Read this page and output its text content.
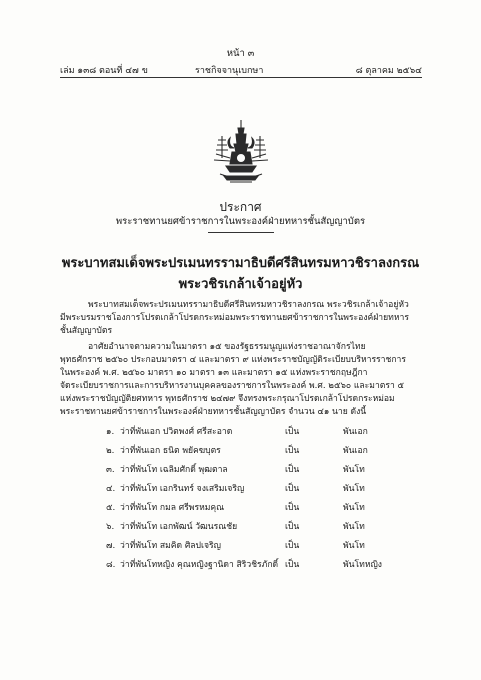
หน้า ๓
เล่ม ๑๓๘ ตอนที่ ๔๗ ข	ราชกิจจานุเบกษา	๘ ตุลาคม ๒๕๖๔
ประกาศ
พระราชทานยศข้าราชการในพระองค์ฝ่ายทหารชั้นสัญญาบัตร
พระบาทสมเด็จพระปรเมนทรรามาธิบดีศรีสินทรมหาวชิราลงกรณ
พระวชิรเกล้าเจ้าอยู่หัว
พระบาทสมเด็จพระปรเมนทรรามาธิบดีศรีสินทรมหาวชิราลงกรณ พระวชิรเกล้าเจ้าอยู่หัว
มีพระบรมราชโองการโปรดเกล้าโปรดกระหม่อมพระราชทานยศข้าราชการในพระองค์ฝ่ายทหาร
ชั้นสัญญาบัตร
อาศัยอำนาจตามความในมาตรา ๑๕ ของรัฐธรรมนูญแห่งราชอาณาจักรไทย
พุทธศักราช ๒๕๖๐ ประกอบมาตรา ๔ และมาตรา ๙ แห่งพระราชบัญญัติระเบียบบริหารราชการ
ในพระองค์ พ.ศ. ๒๕๖๐ มาตรา ๑๐ มาตรา ๑๓ และมาตรา ๑๕ แห่งพระราชกฤษฎีกา
จัดระเบียบราชการและการบริหารงานบุคคลของราชการในพระองค์ พ.ศ. ๒๕๖๐ และมาตรา ๕
แห่งพระราชบัญญัติยศทหาร พุทธศักราช ๒๔๗๙ จึงทรงพระกรุณาโปรดเกล้าโปรดกระหม่อม
พระราชทานยศข้าราชการในพระองค์ฝ่ายทหารชั้นสัญญาบัตร จำนวน ๔๑ นาย ดังนี้
๑. ว่าที่พันเอก ปวิตพงศ์ ศรีสะอาด	เป็น	พันเอก
๒. ว่าที่พันเอก ธนิต พยัคฆบุตร	เป็น	พันเอก
๓. ว่าที่พันโท เฉลิมศักดิ์ พุฒตาล	เป็น	พันโท
๔. ว่าที่พันโท เอกรินทร์ จงเสริมเจริญ	เป็น	พันโท
๕. ว่าที่พันโท กมล ศรีพรหมคุณ	เป็น	พันโท
๖. ว่าที่พันโท เอกพัฒน์ วัฒนรณชัย	เป็น	พันโท
๗. ว่าที่พันโท สมคิด ศิลปเจริญ	เป็น	พันโท
๘. ว่าที่พันโทหญิง คุณหญิงฐานิดา สิริวชิรภักดิ์ เป็น	พันโทหญิง
